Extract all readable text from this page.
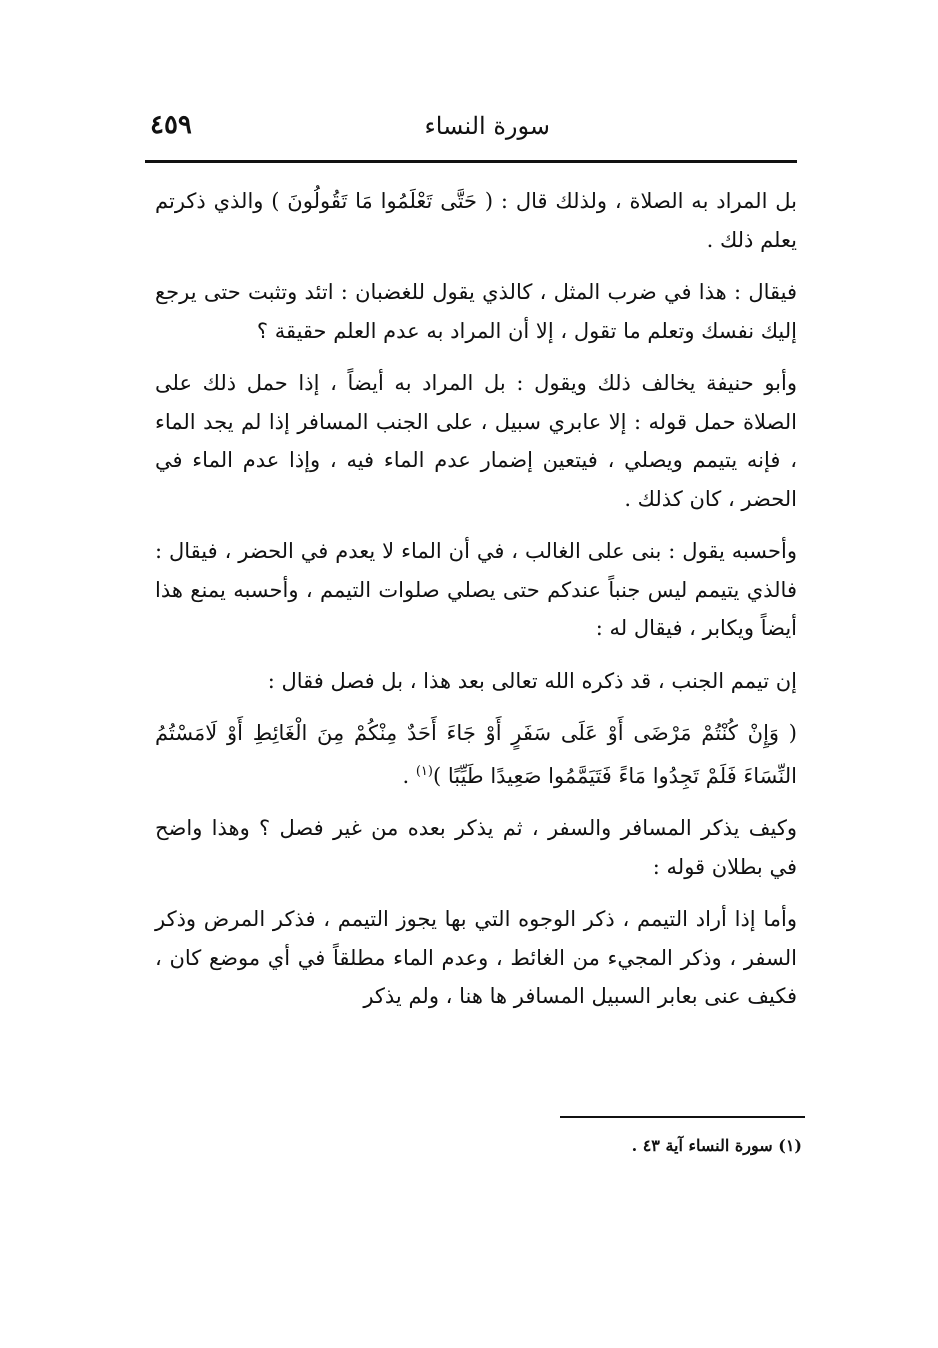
سورة النساء
٤٥٩

بل المراد به الصلاة ، ولذلك قال : ( حَتَّى تَعْلَمُوا مَا تَقُولُونَ ) والذي ذكرتم يعلم ذلك .

فيقال : هذا في ضرب المثل ، كالذي يقول للغضبان : اتئد وتثبت حتى يرجع إليك نفسك وتعلم ما تقول ، إلا أن المراد به عدم العلم حقيقة ؟

وأبو حنيفة يخالف ذلك ويقول : بل المراد به أيضاً ، إذا حمل ذلك على الصلاة حمل قوله : إلا عابري سبيل ، على الجنب المسافر إذا لم يجد الماء ، فإنه يتيمم ويصلي ، فيتعين إضمار عدم الماء فيه ، وإذا عدم الماء في الحضر ، كان كذلك .

وأحسبه يقول : بنى على الغالب ، في أن الماء لا يعدم في الحضر ، فيقال : فالذي يتيمم ليس جنباً عندكم حتى يصلي صلوات التيمم ، وأحسبه يمنع هذا أيضاً ويكابر ، فيقال له :

إن تيمم الجنب ، قد ذكره الله تعالى بعد هذا ، بل فصل فقال :

( وَإِنْ كُنْتُمْ مَرْضَى أَوْ عَلَى سَفَرٍ أَوْ جَاءَ أَحَدٌ مِنْكُمْ مِنَ الْغَائِطِ أَوْ لَامَسْتُمُ النِّسَاءَ فَلَمْ تَجِدُوا مَاءً فَتَيَمَّمُوا صَعِيدًا طَيِّبًا )$^{(١)}$ .

وكيف يذكر المسافر والسفر ، ثم يذكر بعده من غير فصل ؟ وهذا واضح في بطلان قوله :

وأما إذا أراد التيمم ، ذكر الوجوه التي بها يجوز التيمم ، فذكر المرض وذكر السفر ، وذكر المجيء من الغائط ، وعدم الماء مطلقاً في أي موضع كان ، فكيف عنى بعابر السبيل المسافر ها هنا ، ولم يذكر

(١) سورة النساء آية ٤٣ .
